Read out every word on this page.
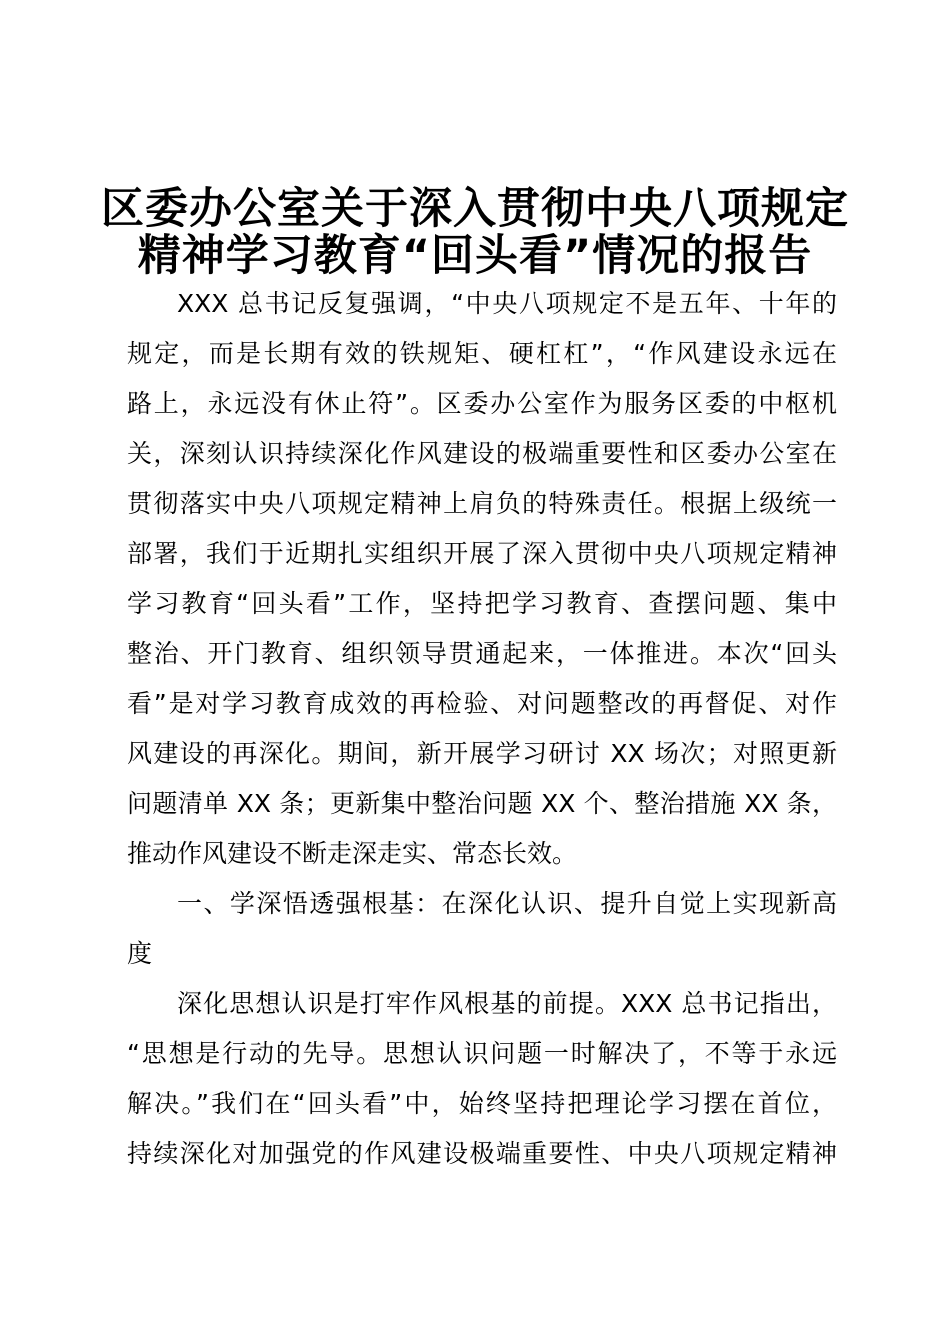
区委办公室关于深入贯彻中央八项规定
精神学习教育“回头看”情况的报告
XXX 总书记反复强调，“中央八项规定不是五年、十年的
规定，而是长期有效的铁规矩、硬杠杠”，“作风建设永远在
路上，永远没有休止符”。区委办公室作为服务区委的中枢机
关，深刻认识持续深化作风建设的极端重要性和区委办公室在
贯彻落实中央八项规定精神上肩负的特殊责任。根据上级统一
部署，我们于近期扎实组织开展了深入贯彻中央八项规定精神
学习教育“回头看”工作，坚持把学习教育、查摆问题、集中
整治、开门教育、组织领导贯通起来，一体推进。本次“回头
看”是对学习教育成效的再检验、对问题整改的再督促、对作
风建设的再深化。期间，新开展学习研讨 XX 场次；对照更新
问题清单 XX 条；更新集中整治问题 XX 个、整治措施 XX 条，
推动作风建设不断走深走实、常态长效。
一、学深悟透强根基：在深化认识、提升自觉上实现新高
度
深化思想认识是打牢作风根基的前提。XXX 总书记指出，
“思想是行动的先导。思想认识问题一时解决了，不等于永远
解决。”我们在“回头看”中，始终坚持把理论学习摆在首位，
持续深化对加强党的作风建设极端重要性、中央八项规定精神
